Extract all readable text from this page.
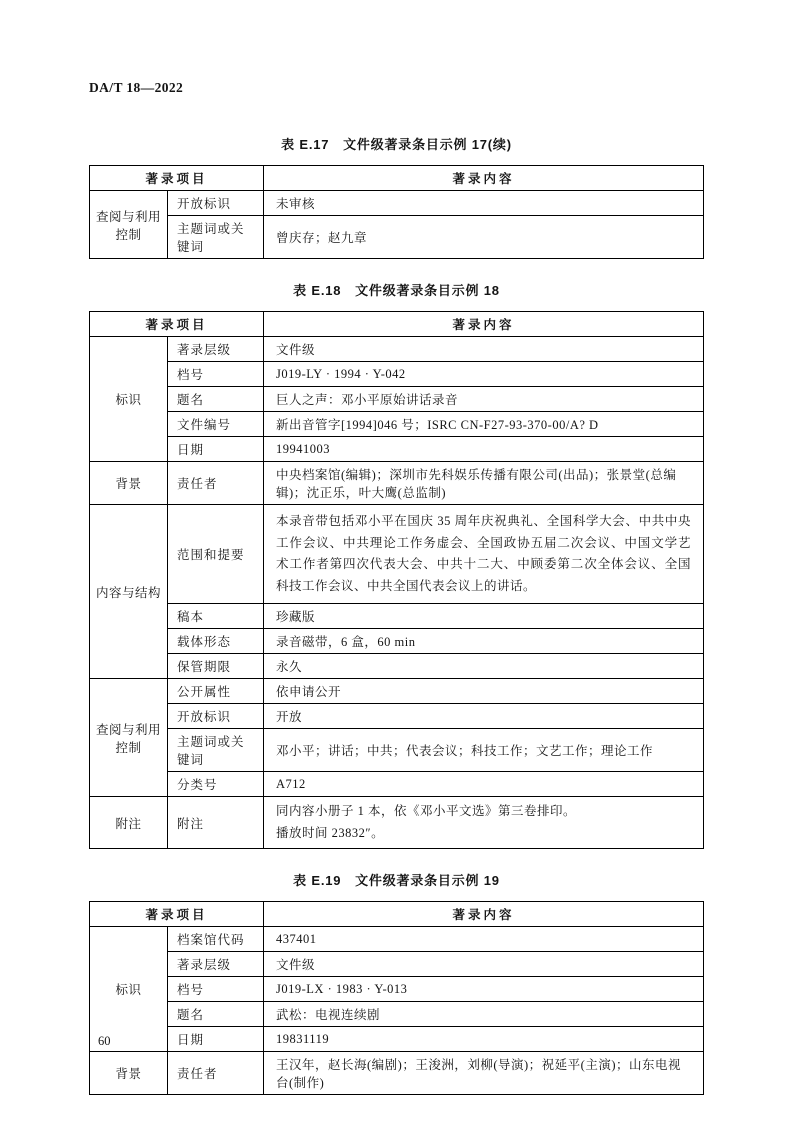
DA/T 18—2022
表 E.17　文件级著录条目示例 17(续)
著录项目		著录内容
查阅与利用控制	开放标识	未审核
	主题词或关键词	曾庆存；赵九章
表 E.18　文件级著录条目示例 18
著录项目		著录内容
标识	著录层级	文件级
	档号	J019-LY · 1994 · Y-042
	题名	巨人之声：邓小平原始讲话录音
	文件编号	新出音管字[1994]046 号；ISRC CN-F27-93-370-00/A? D
	日期	19941003
背景	责任者	中央档案馆(编辑)；深圳市先科娱乐传播有限公司(出品)；张景堂(总编辑)；沈正乐，叶大鹰(总监制)
内容与结构	范围和提要	本录音带包括邓小平在国庆 35 周年庆祝典礼、全国科学大会、中共中央工作会议、中共理论工作务虚会、全国政协五届二次会议、中国文学艺术工作者第四次代表大会、中共十二大、中顾委第二次全体会议、全国科技工作会议、中共全国代表会议上的讲话。
	稿本	珍藏版
	载体形态	录音磁带，6 盒，60 min
	保管期限	永久
查阅与利用控制	公开属性	依申请公开
	开放标识	开放
	主题词或关键词	邓小平；讲话；中共；代表会议；科技工作；文艺工作；理论工作
	分类号	A712
附注	附注	同内容小册子 1 本，依《邓小平文选》第三卷排印。
播放时间 23832″。
表 E.19　文件级著录条目示例 19
著录项目		著录内容
标识	档案馆代码	437401
	著录层级	文件级
	档号	J019-LX · 1983 · Y-013
	题名	武松：电视连续剧
	日期	19831119
背景	责任者	王汉年，赵长海(编剧)；王浚洲，刘柳(导演)；祝延平(主演)；山东电视台(制作)
60
